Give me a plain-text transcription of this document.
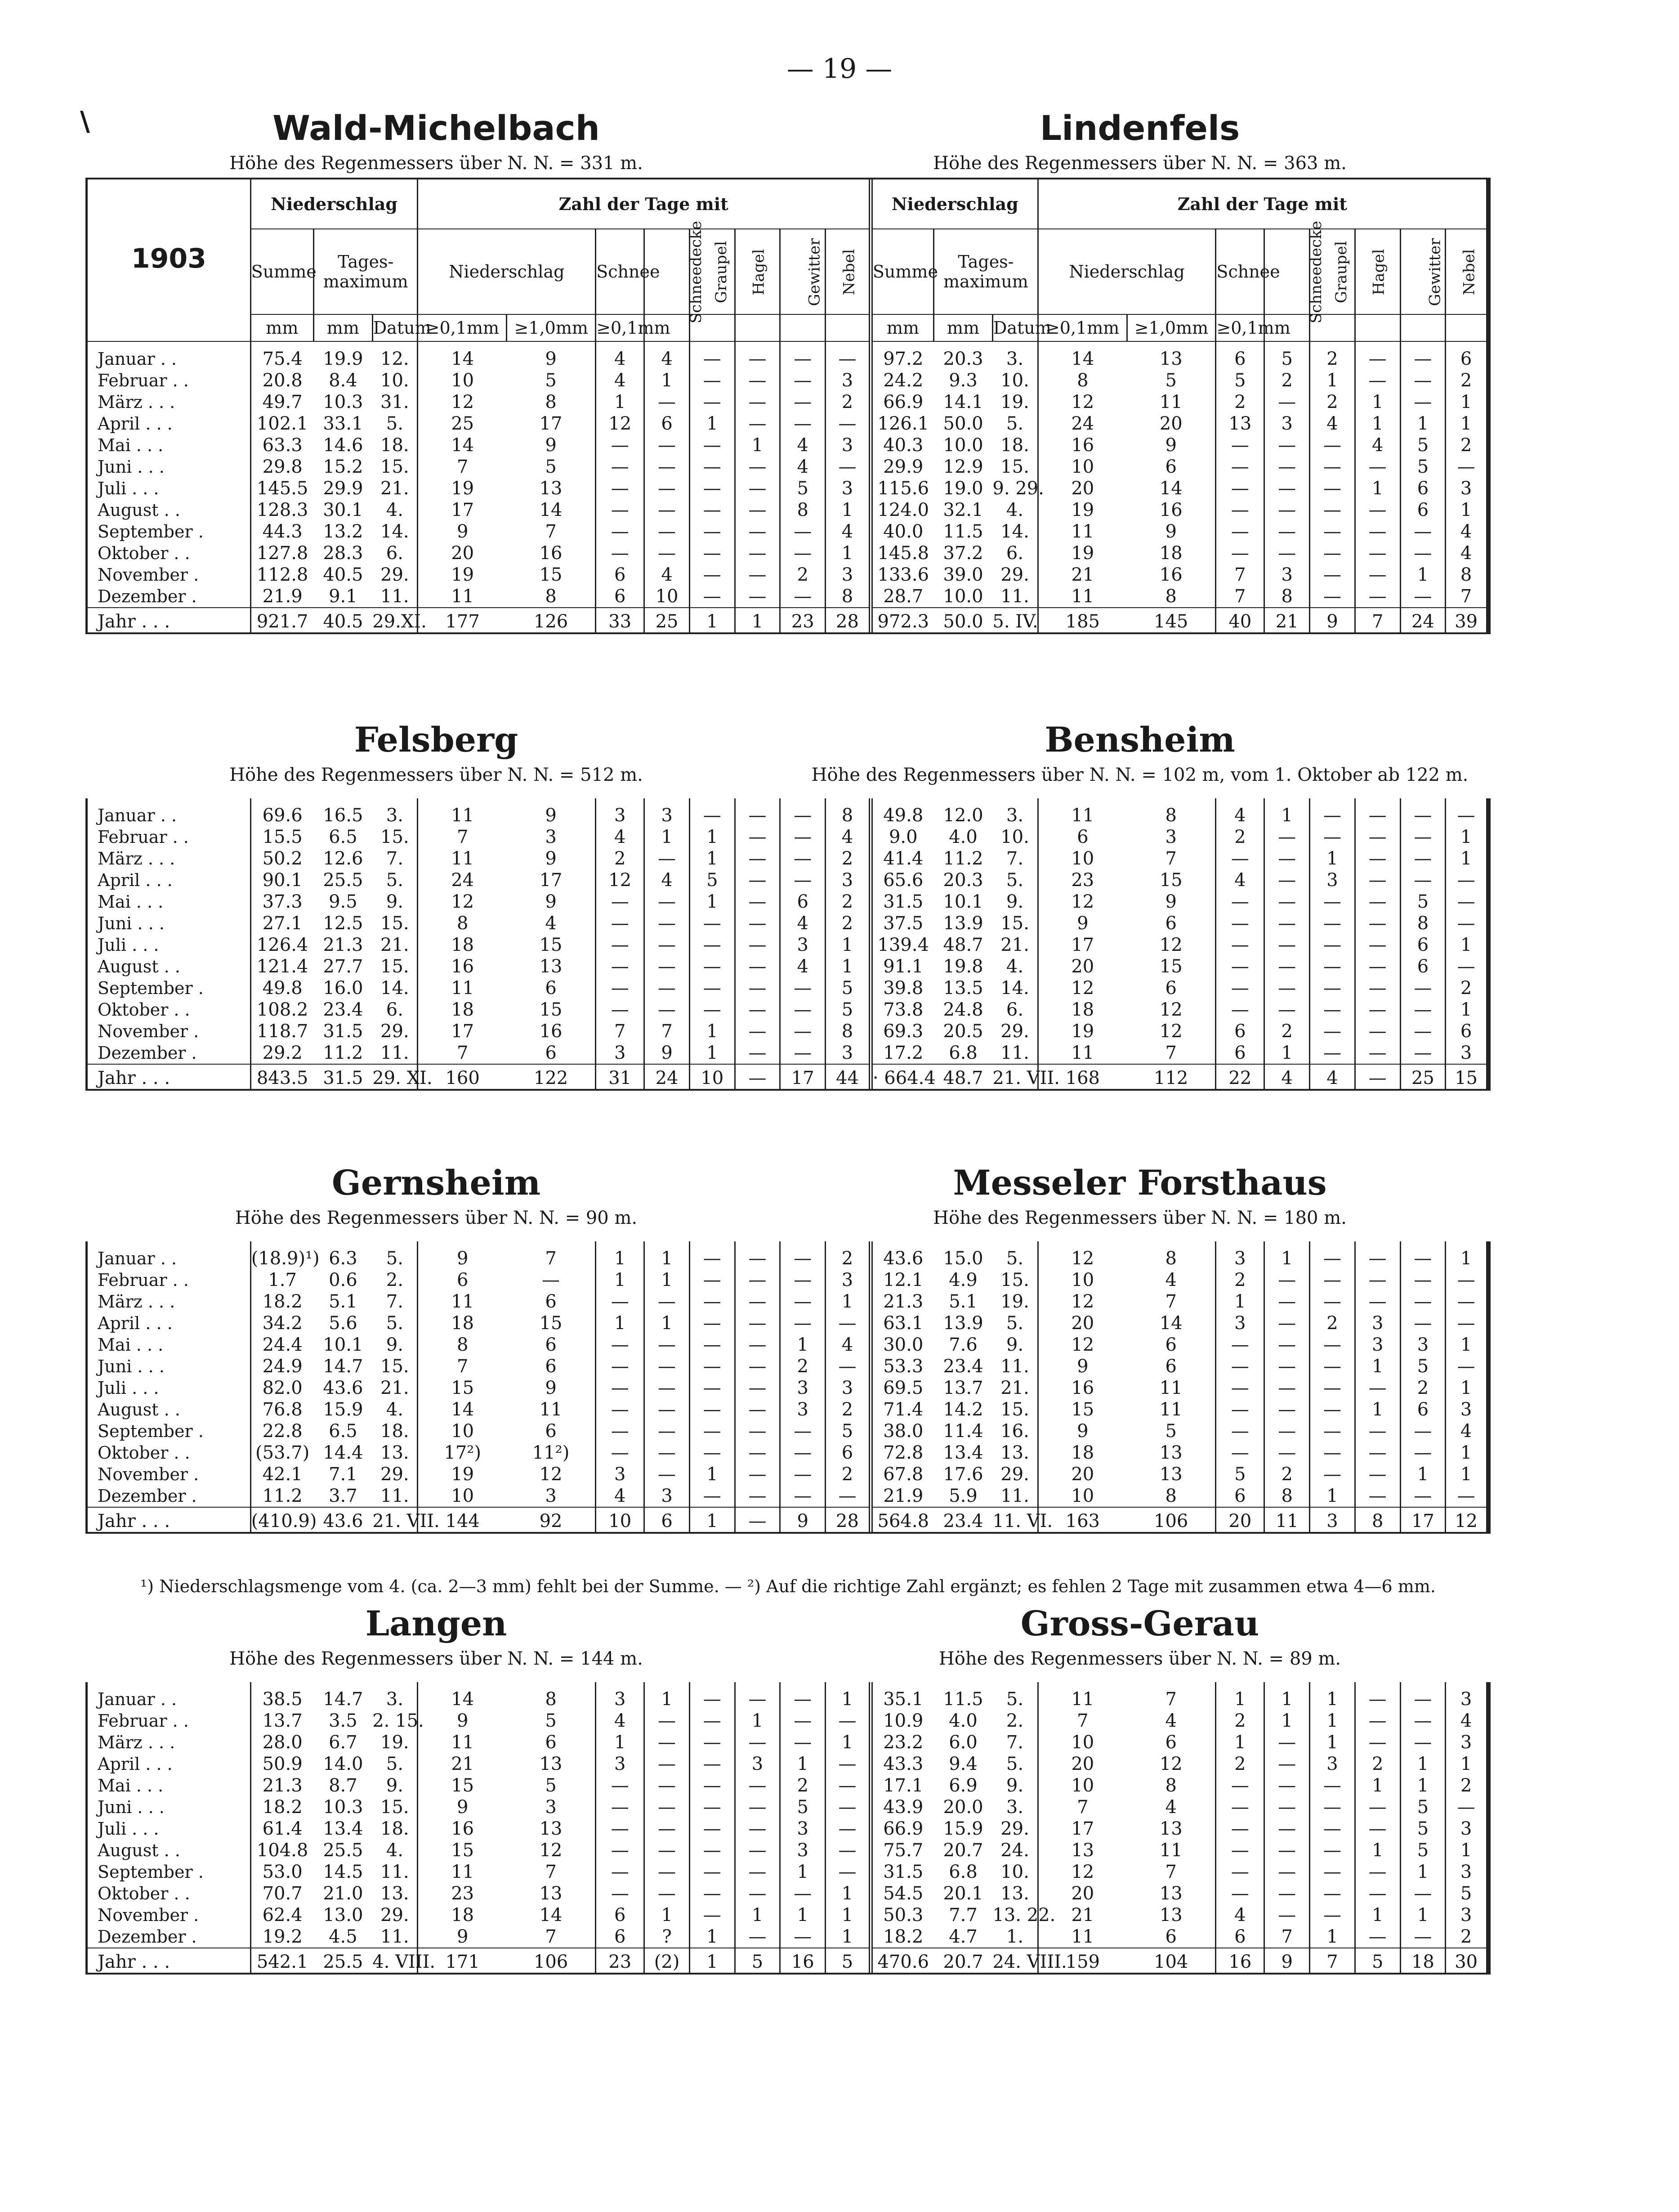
— 19 —
\	Wald-Michelbach	Lindenfels
Höhe des Regenmessers über N. N. = 331 m.	Höhe des Regenmessers über N. N. = 363 m.
1903	Niederschlag			Zahl der Tage mit								Niederschlag			Zahl der Tage mit							
	Summe	Tages-maximum		Niederschlag		Schnee	Schneedecke	Graupel	Hagel	Gewitter	Nebel	Summe	Tages-maximum		Niederschlag		Schnee	Schneedecke	Graupel	Hagel	Gewitter	Nebel
	mm	mm	Datum	≥0,1mm	≥1,0mm	≥0,1mm						mm	mm	Datum	≥0,1mm	≥1,0mm	≥0,1mm					
Januar . .	75.4	19.9	12.	14	9	4	4	—	—	—	—	97.2	20.3	3.	14	13	6	5	2	—	—	6
Februar . .	20.8	8.4	10.	10	5	4	1	—	—	—	3	24.2	9.3	10.	8	5	5	2	1	—	—	2
März . . .	49.7	10.3	31.	12	8	1	—	—	—	—	2	66.9	14.1	19.	12	11	2	—	2	1	—	1
April . . .	102.1	33.1	5.	25	17	12	6	1	—	—	—	126.1	50.0	5.	24	20	13	3	4	1	1	1
Mai . . .	63.3	14.6	18.	14	9	—	—	—	1	4	3	40.3	10.0	18.	16	9	—	—	—	4	5	2
Juni . . .	29.8	15.2	15.	7	5	—	—	—	—	4	—	29.9	12.9	15.	10	6	—	—	—	—	5	—
Juli . . .	145.5	29.9	21.	19	13	—	—	—	—	5	3	115.6	19.0	9. 29.	20	14	—	—	—	1	6	3
August . .	128.3	30.1	4.	17	14	—	—	—	—	8	1	124.0	32.1	4.	19	16	—	—	—	—	6	1
September .	44.3	13.2	14.	9	7	—	—	—	—	—	4	40.0	11.5	14.	11	9	—	—	—	—	—	4
Oktober . .	127.8	28.3	6.	20	16	—	—	—	—	—	1	145.8	37.2	6.	19	18	—	—	—	—	—	4
November .	112.8	40.5	29.	19	15	6	4	—	—	2	3	133.6	39.0	29.	21	16	7	3	—	—	1	8
Dezember .	21.9	9.1	11.	11	8	6	10	—	—	—	8	28.7	10.0	11.	11	8	7	8	—	—	—	7
Jahr . . .	921.7	40.5	29.XI.	177	126	33	25	1	1	23	28	972.3	50.0	5. IV.	185	145	40	21	9	7	24	39
Felsberg	Bensheim
Höhe des Regenmessers über N. N. = 512 m.	Höhe des Regenmessers über N. N. = 102 m, vom 1. Oktober ab 122 m.
Januar . .	69.6	16.5	3.	11	9	3	3	—	—	—	8	49.8	12.0	3.	11	8	4	1	—	—	—	—
Februar . .	15.5	6.5	15.	7	3	4	1	1	—	—	4	9.0	4.0	10.	6	3	2	—	—	—	—	1
März . . .	50.2	12.6	7.	11	9	2	—	1	—	—	2	41.4	11.2	7.	10	7	—	—	1	—	—	1
April . . .	90.1	25.5	5.	24	17	12	4	5	—	—	3	65.6	20.3	5.	23	15	4	—	3	—	—	—
Mai . . .	37.3	9.5	9.	12	9	—	—	1	—	6	2	31.5	10.1	9.	12	9	—	—	—	—	5	—
Juni . . .	27.1	12.5	15.	8	4	—	—	—	—	4	2	37.5	13.9	15.	9	6	—	—	—	—	8	—
Juli . . .	126.4	21.3	21.	18	15	—	—	—	—	3	1	139.4	48.7	21.	17	12	—	—	—	—	6	1
August . .	121.4	27.7	15.	16	13	—	—	—	—	4	1	91.1	19.8	4.	20	15	—	—	—	—	6	—
September .	49.8	16.0	14.	11	6	—	—	—	—	—	5	39.8	13.5	14.	12	6	—	—	—	—	—	2
Oktober . .	108.2	23.4	6.	18	15	—	—	—	—	—	5	73.8	24.8	6.	18	12	—	—	—	—	—	1
November .	118.7	31.5	29.	17	16	7	7	1	—	—	8	69.3	20.5	29.	19	12	6	2	—	—	—	6
Dezember .	29.2	11.2	11.	7	6	3	9	1	—	—	3	17.2	6.8	11.	11	7	6	1	—	—	—	3
Jahr . . .	843.5	31.5	29. XI.	160	122	31	24	10	—	17	44	· 664.4	48.7	21. VII.	168	112	22	4	4	—	25	15
Gernsheim	Messeler Forsthaus
Höhe des Regenmessers über N. N. = 90 m.	Höhe des Regenmessers über N. N. = 180 m.
Januar . .	(18.9)¹)	6.3	5.	9	7	1	1	—	—	—	2	43.6	15.0	5.	12	8	3	1	—	—	—	1
Februar . .	1.7	0.6	2.	6	—	1	1	—	—	—	3	12.1	4.9	15.	10	4	2	—	—	—	—	—
März . . .	18.2	5.1	7.	11	6	—	—	—	—	—	1	21.3	5.1	19.	12	7	1	—	—	—	—	—
April . . .	34.2	5.6	5.	18	15	1	1	—	—	—	—	63.1	13.9	5.	20	14	3	—	2	3	—	—
Mai . . .	24.4	10.1	9.	8	6	—	—	—	—	1	4	30.0	7.6	9.	12	6	—	—	—	3	3	1
Juni . . .	24.9	14.7	15.	7	6	—	—	—	—	2	—	53.3	23.4	11.	9	6	—	—	—	1	5	—
Juli . . .	82.0	43.6	21.	15	9	—	—	—	—	3	3	69.5	13.7	21.	16	11	—	—	—	—	2	1
August . .	76.8	15.9	4.	14	11	—	—	—	—	3	2	71.4	14.2	15.	15	11	—	—	—	1	6	3
September .	22.8	6.5	18.	10	6	—	—	—	—	—	5	38.0	11.4	16.	9	5	—	—	—	—	—	4
Oktober . .	(53.7)	14.4	13.	17²)	11²)	—	—	—	—	—	6	72.8	13.4	13.	18	13	—	—	—	—	—	1
November .	42.1	7.1	29.	19	12	3	—	1	—	—	2	67.8	17.6	29.	20	13	5	2	—	—	1	1
Dezember .	11.2	3.7	11.	10	3	4	3	—	—	—	—	21.9	5.9	11.	10	8	6	8	1	—	—	—
Jahr . . .	(410.9)	43.6	21. VII.	144	92	10	6	1	—	9	28	564.8	23.4	11. VI.	163	106	20	11	3	8	17	12
¹) Niederschlagsmenge vom 4. (ca. 2—3 mm) fehlt bei der Summe. — ²) Auf die richtige Zahl ergänzt; es fehlen 2 Tage mit zusammen etwa 4—6 mm.
Langen	Gross-Gerau
Höhe des Regenmessers über N. N. = 144 m.	Höhe des Regenmessers über N. N. = 89 m.
Januar . .	38.5	14.7	3.	14	8	3	1	—	—	—	1	35.1	11.5	5.	11	7	1	1	1	—	—	3
Februar . .	13.7	3.5	2. 15.	9	5	4	—	—	1	—	—	10.9	4.0	2.	7	4	2	1	1	—	—	4
März . . .	28.0	6.7	19.	11	6	1	—	—	—	—	1	23.2	6.0	7.	10	6	1	—	1	—	—	3
April . . .	50.9	14.0	5.	21	13	3	—	—	3	1	—	43.3	9.4	5.	20	12	2	—	3	2	1	1
Mai . . .	21.3	8.7	9.	15	5	—	—	—	—	2	—	17.1	6.9	9.	10	8	—	—	—	1	1	2
Juni . . .	18.2	10.3	15.	9	3	—	—	—	—	5	—	43.9	20.0	3.	7	4	—	—	—	—	5	—
Juli . . .	61.4	13.4	18.	16	13	—	—	—	—	3	—	66.9	15.9	29.	17	13	—	—	—	—	5	3
August . .	104.8	25.5	4.	15	12	—	—	—	—	3	—	75.7	20.7	24.	13	11	—	—	—	1	5	1
September .	53.0	14.5	11.	11	7	—	—	—	—	1	—	31.5	6.8	10.	12	7	—	—	—	—	1	3
Oktober . .	70.7	21.0	13.	23	13	—	—	—	—	—	1	54.5	20.1	13.	20	13	—	—	—	—	—	5
November .	62.4	13.0	29.	18	14	6	1	—	1	1	1	50.3	7.7	13. 22.	21	13	4	—	—	1	1	3
Dezember .	19.2	4.5	11.	9	7	6	?	1	—	—	1	18.2	4.7	1.	11	6	6	7	1	—	—	2
Jahr . . .	542.1	25.5	4. VIII.	171	106	23	(2)	1	5	16	5	470.6	20.7	24. VIII.	159	104	16	9	7	5	18	30
